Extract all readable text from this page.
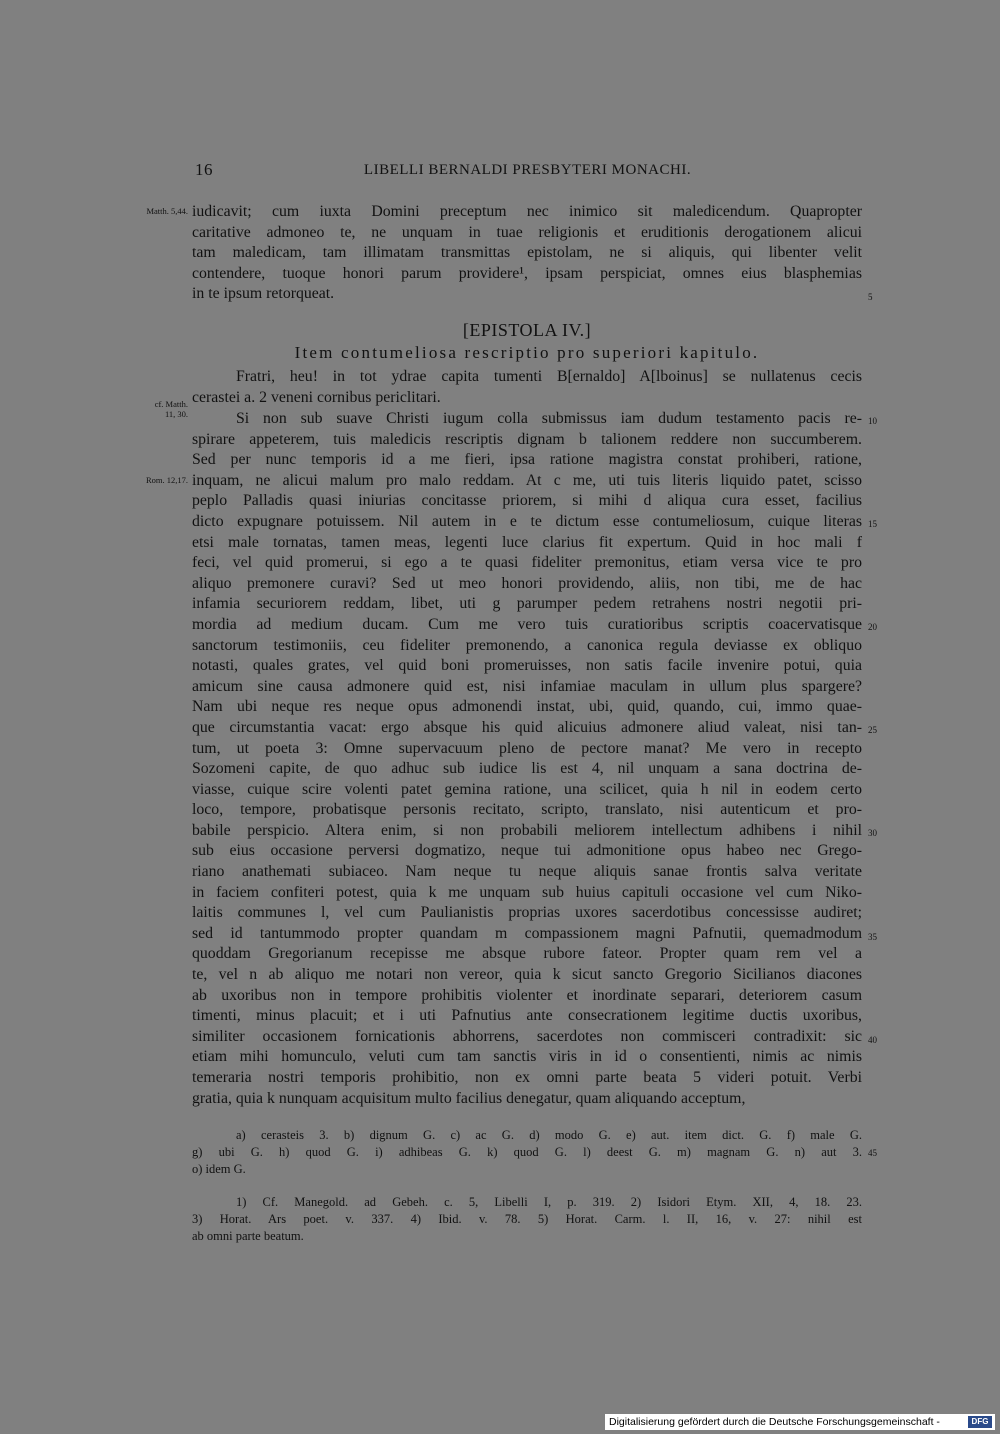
16	LIBELLI BERNALDI PRESBYTERI MONACHI.
Matth. 5,44.
cf. Matth.
11, 30.
Rom. 12,17.
5
10
15
20
25
30
35
40
45
iudicavit; cum iuxta Domini preceptum nec inimico sit maledicendum. Quapropter
caritative admoneo te, ne unquam in tuae religionis et eruditionis derogationem alicui
tam maledicam, tam illimatam transmittas epistolam, ne si aliquis, qui libenter velit
contendere, tuoque honori parum providere¹, ipsam perspiciat, omnes eius blasphemias
in te ipsum retorqueat.
[EPISTOLA IV.]
Item contumeliosa rescriptio pro superiori kapitulo.
Fratri, heu! in tot ydrae capita tumenti B[ernaldo] A[lboinus] se nullatenus cecis
cerastei a. 2 veneni cornibus periclitari.
Si non sub suave Christi iugum colla submissus iam dudum testamento pacis re-
spirare appeterem, tuis maledicis rescriptis dignam b talionem reddere non succumberem.
Sed per nunc temporis id a me fieri, ipsa ratione magistra constat prohiberi, ratione,
inquam, ne alicui malum pro malo reddam. At c me, uti tuis literis liquido patet, scisso
peplo Palladis quasi iniurias concitasse priorem, si mihi d aliqua cura esset, facilius
dicto expugnare potuissem. Nil autem in e te dictum esse contumeliosum, cuique literas
etsi male tornatas, tamen meas, legenti luce clarius fit expertum. Quid in hoc mali f
feci, vel quid promerui, si ego a te quasi fideliter premonitus, etiam versa vice te pro
aliquo premonere curavi? Sed ut meo honori providendo, aliis, non tibi, me de hac
infamia securiorem reddam, libet, uti g parumper pedem retrahens nostri negotii pri-
mordia ad medium ducam. Cum me vero tuis curatioribus scriptis coacervatisque
sanctorum testimoniis, ceu fideliter premonendo, a canonica regula deviasse ex obliquo
notasti, quales grates, vel quid boni promeruisses, non satis facile invenire potui, quia
amicum sine causa admonere quid est, nisi infamiae maculam in ullum plus spargere?
Nam ubi neque res neque opus admonendi instat, ubi, quid, quando, cui, immo quae-
que circumstantia vacat: ergo absque his quid alicuius admonere aliud valeat, nisi tan-
tum, ut poeta 3: Omne supervacuum pleno de pectore manat? Me vero in recepto
Sozomeni capite, de quo adhuc sub iudice lis est 4, nil unquam a sana doctrina de-
viasse, cuique scire volenti patet gemina ratione, una scilicet, quia h nil in eodem certo
loco, tempore, probatisque personis recitato, scripto, translato, nisi autenticum et pro-
babile perspicio. Altera enim, si non probabili meliorem intellectum adhibens i nihil
sub eius occasione perversi dogmatizo, neque tui admonitione opus habeo nec Grego-
riano anathemati subiaceo. Nam neque tu neque aliquis sanae frontis salva veritate
in faciem confiteri potest, quia k me unquam sub huius capituli occasione vel cum Niko-
laitis communes l, vel cum Paulianistis proprias uxores sacerdotibus concessisse audiret;
sed id tantummodo propter quandam m compassionem magni Pafnutii, quemadmodum
quoddam Gregorianum recepisse me absque rubore fateor. Propter quam rem vel a
te, vel n ab aliquo me notari non vereor, quia k sicut sancto Gregorio Sicilianos diacones
ab uxoribus non in tempore prohibitis violenter et inordinate separari, deteriorem casum
timenti, minus placuit; et i uti Pafnutius ante consecrationem legitime ductis uxoribus,
similiter occasionem fornicationis abhorrens, sacerdotes non commisceri contradixit: sic
etiam mihi homunculo, veluti cum tam sanctis viris in id o consentienti, nimis ac nimis
temeraria nostri temporis prohibitio, non ex omni parte beata 5 videri potuit. Verbi
gratia, quia k nunquam acquisitum multo facilius denegatur, quam aliquando acceptum,
a) cerasteis 3. b) dignum G. c) ac G. d) modo G. e) aut. item dict. G. f) male G.
g) ubi G. h) quod G. i) adhibeas G. k) quod G. l) deest G. m) magnam G. n) aut 3.
o) idem G.
1) Cf. Manegold. ad Gebeh. c. 5, Libelli I, p. 319. 2) Isidori Etym. XII, 4, 18. 23.
3) Horat. Ars poet. v. 337. 4) Ibid. v. 78. 5) Horat. Carm. l. II, 16, v. 27: nihil est
ab omni parte beatum.
Digitalisierung gefördert durch die Deutsche Forschungsgemeinschaft -	DFG
